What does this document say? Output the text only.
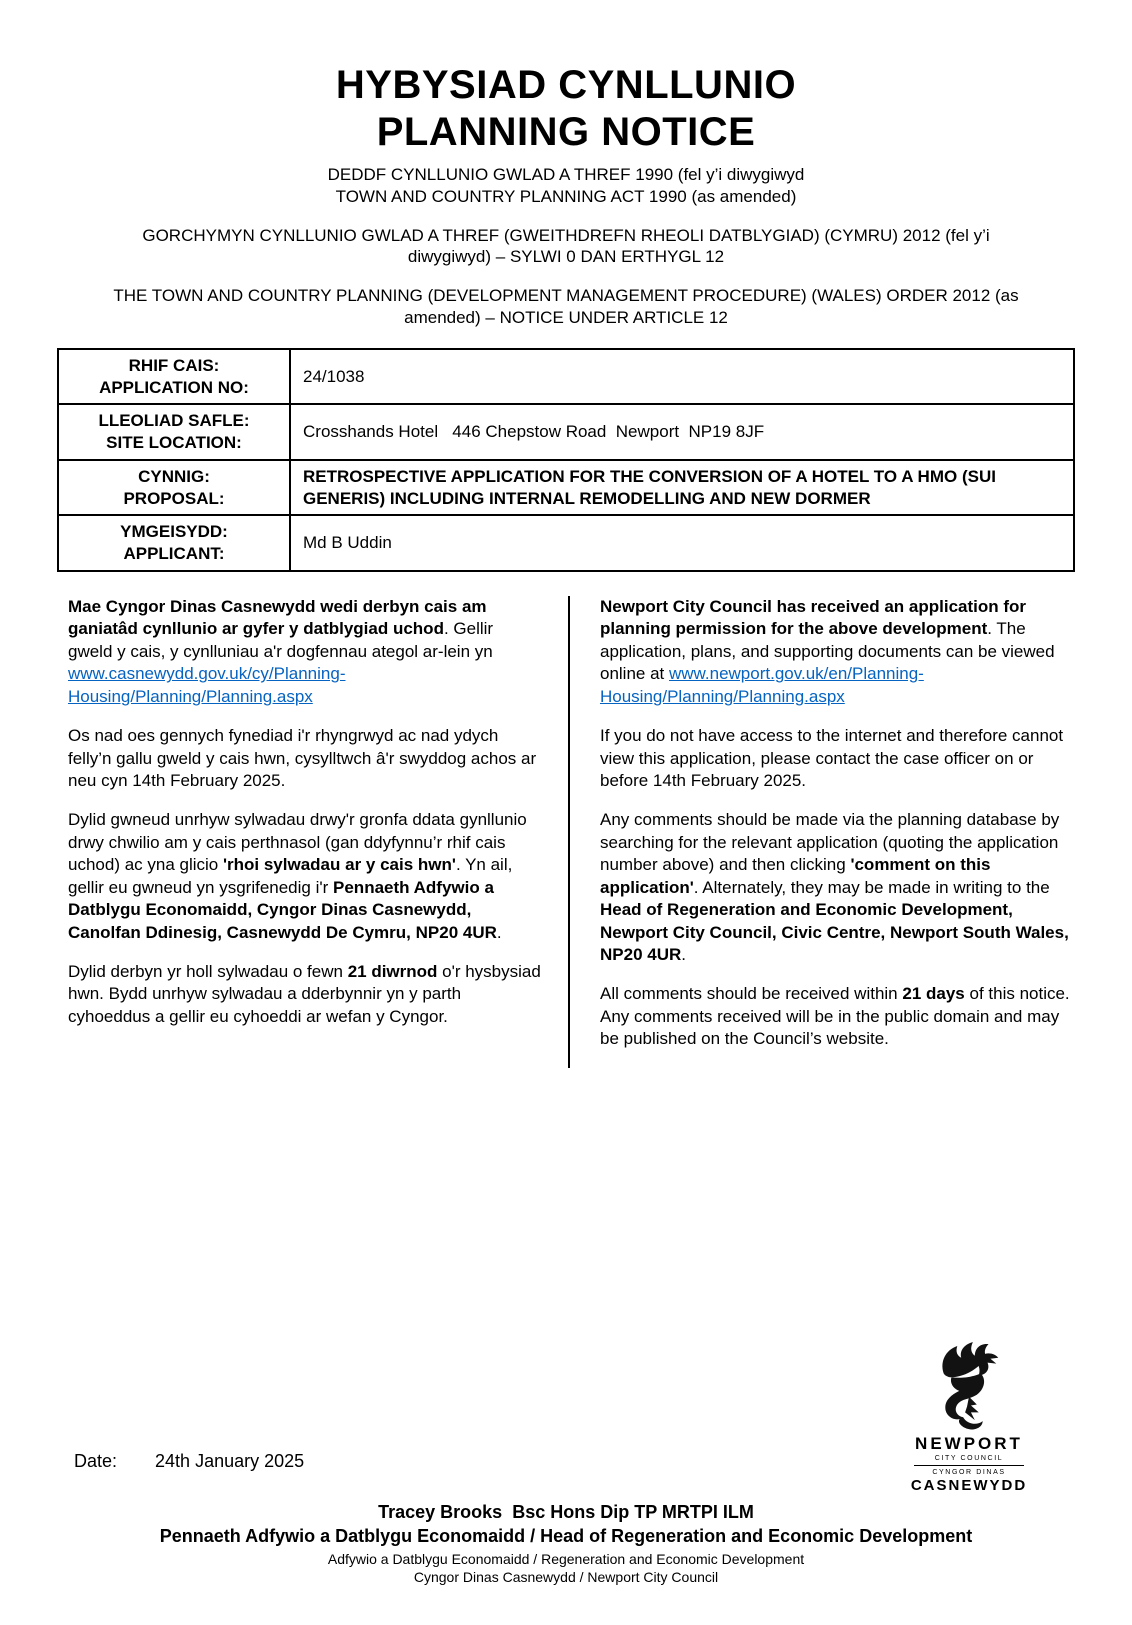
HYBYSIAD CYNLLUNIO
PLANNING NOTICE
DEDDF CYNLLUNIO GWLAD A THREF 1990 (fel y’i diwygiwyd
TOWN AND COUNTRY PLANNING ACT 1990 (as amended)
GORCHYMYN CYNLLUNIO GWLAD A THREF (GWEITHDREFN RHEOLI DATBLYGIAD) (CYMRU) 2012 (fel y’i diwygiwyd) – SYLWI 0 DAN ERTHYGL 12
THE TOWN AND COUNTRY PLANNING (DEVELOPMENT MANAGEMENT PROCEDURE) (WALES) ORDER 2012 (as amended) – NOTICE UNDER ARTICLE 12
RHIF CAIS:
APPLICATION NO:	24/1038

LLEOLIAD SAFLE:
SITE LOCATION:	Crosshands Hotel   446 Chepstow Road  Newport  NP19 8JF

CYNNIG:
PROPOSAL:	RETROSPECTIVE APPLICATION FOR THE CONVERSION OF A HOTEL TO A HMO (SUI GENERIS) INCLUDING INTERNAL REMODELLING AND NEW DORMER

YMGEISYDD:
APPLICANT:	Md B Uddin

Mae Cyngor Dinas Casnewydd wedi derbyn cais am ganiatâd cynllunio ar gyfer y datblygiad uchod. Gellir gweld y cais, y cynlluniau a'r dogfennau ategol ar-lein yn www.casnewydd.gov.uk/cy/Planning-Housing/Planning/Planning.aspx

Os nad oes gennych fynediad i'r rhyngrwyd ac nad ydych felly’n gallu gweld y cais hwn, cysylltwch â'r swyddog achos ar neu cyn 14th February 2025.

Dylid gwneud unrhyw sylwadau drwy'r gronfa ddata gynllunio drwy chwilio am y cais perthnasol (gan ddyfynnu’r rhif cais uchod) ac yna glicio 'rhoi sylwadau ar y cais hwn'. Yn ail, gellir eu gwneud yn ysgrifenedig i'r Pennaeth Adfywio a Datblygu Economaidd, Cyngor Dinas Casnewydd, Canolfan Ddinesig, Casnewydd De Cymru, NP20 4UR.

Dylid derbyn yr holl sylwadau o fewn 21 diwrnod o'r hysbysiad hwn. Bydd unrhyw sylwadau a dderbynnir yn y parth cyhoeddus a gellir eu cyhoeddi ar wefan y Cyngor.

Newport City Council has received an application for planning permission for the above development. The application, plans, and supporting documents can be viewed online at www.newport.gov.uk/en/Planning-Housing/Planning/Planning.aspx

If you do not have access to the internet and therefore cannot view this application, please contact the case officer on or before 14th February 2025.

Any comments should be made via the planning database by searching for the relevant application (quoting the application number above) and then clicking 'comment on this application'. Alternately, they may be made in writing to the Head of Regeneration and Economic Development, Newport City Council, Civic Centre, Newport South Wales, NP20 4UR.

All comments should be received within 21 days of this notice. Any comments received will be in the public domain and may be published on the Council’s website.

Date: 24th January 2025
NEWPORT
CITY COUNCIL
CYNGOR DINAS
CASNEWYDD
Tracey Brooks  Bsc Hons Dip TP MRTPI ILM
Pennaeth Adfywio a Datblygu Economaidd / Head of Regeneration and Economic Development
Adfywio a Datblygu Economaidd / Regeneration and Economic Development
Cyngor Dinas Casnewydd / Newport City Council
